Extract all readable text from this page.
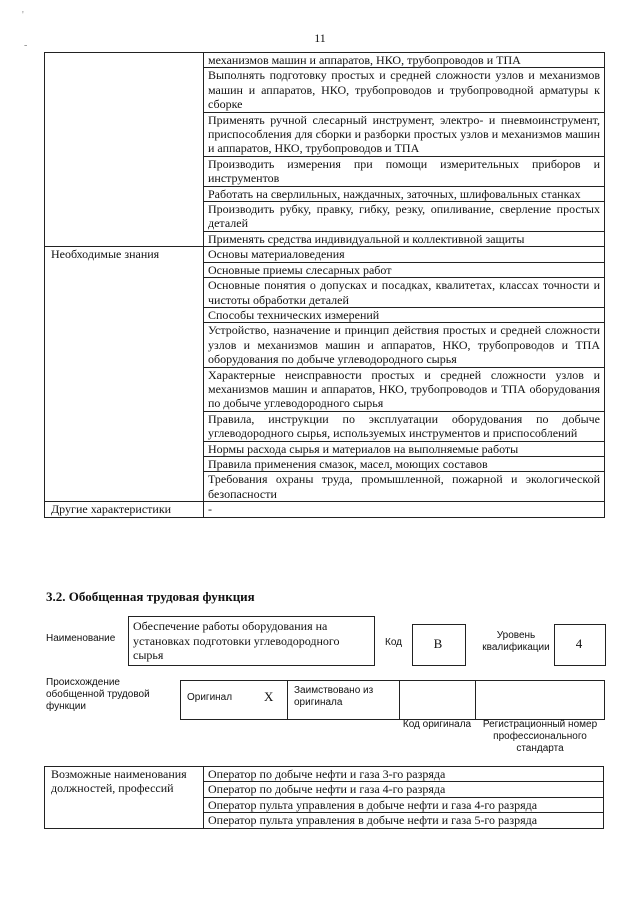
'
-
11
	механизмов машин и аппаратов, НКО, трубопроводов и ТПА
	Выполнять подготовку простых и средней сложности узлов и механизмов машин и аппаратов, НКО, трубопроводов и трубопроводной арматуры к сборке
	Применять ручной слесарный инструмент, электро- и пневмоинструмент, приспособления для сборки и разборки простых узлов и механизмов машин и аппаратов, НКО, трубопроводов и ТПА
	Производить измерения при помощи измерительных приборов и инструментов
	Работать на сверлильных, наждачных, заточных, шлифовальных станках
	Производить рубку, правку, гибку, резку, опиливание, сверление простых деталей
	Применять средства индивидуальной и коллективной защиты
Необходимые знания	Основы материаловедения
	Основные приемы слесарных работ
	Основные понятия о допусках и посадках, квалитетах, классах точности и чистоты обработки деталей
	Способы технических измерений
	Устройство, назначение и принцип действия простых и средней сложности узлов и механизмов машин и аппаратов, НКО, трубопроводов и ТПА оборудования по добыче углеводородного сырья
	Характерные неисправности простых и средней сложности узлов и механизмов машин и аппаратов, НКО, трубопроводов и ТПА оборудования по добыче углеводородного сырья
	Правила, инструкции по эксплуатации оборудования по добыче углеводородного сырья, используемых инструментов и приспособлений
	Нормы расхода сырья и материалов на выполняемые работы
	Правила применения смазок, масел, моющих составов
	Требования охраны труда, промышленной, пожарной и экологической безопасности
Другие характеристики	-
3.2. Обобщенная трудовая функция
Наименование
Обеспечение работы оборудования на установках подготовки углеводородного сырья
Код	B
Уровень квалификации	4
Происхождение обобщенной трудовой функции
Оригинал X Заимствовано из оригинала
Код оригинала	Регистрационный номер профессионального стандарта
Возможные наименования должностей, профессий	Оператор по добыче нефти и газа 3-го разряда
Оператор по добыче нефти и газа 4-го разряда
Оператор пульта управления в добыче нефти и газа 4-го разряда
Оператор пульта управления в добыче нефти и газа 5-го разряда
